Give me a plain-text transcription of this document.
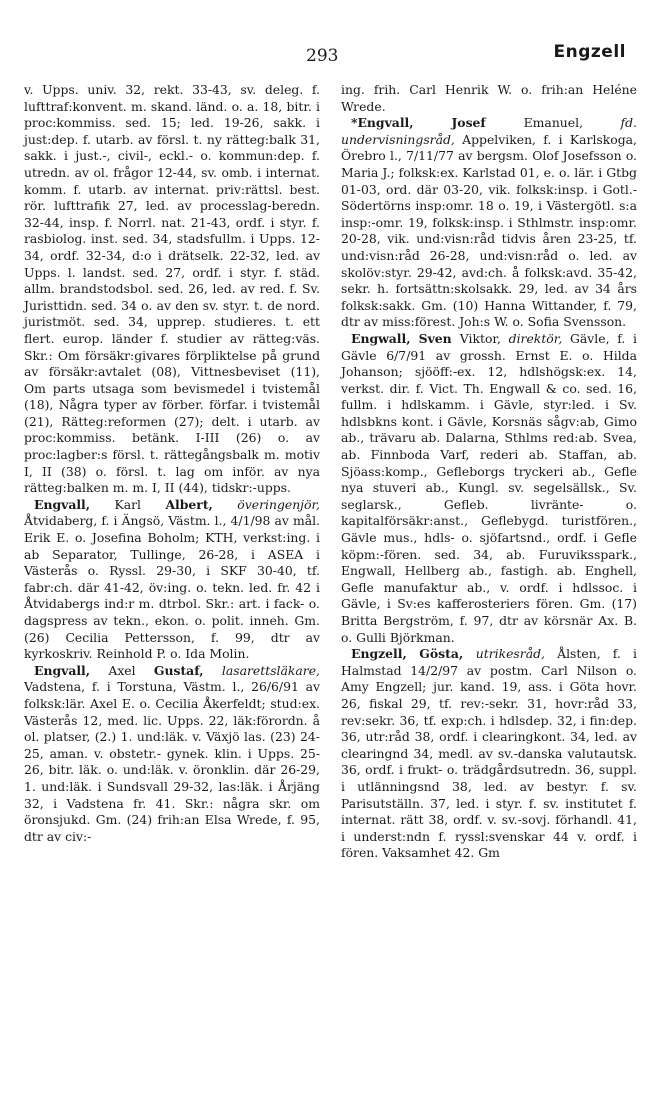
293	Engzell

v. Upps. univ. 32, rekt. 33-43, sv. deleg. f. lufttraf:konvent. m. skand. länd. o. a. 18, bitr. i proc:kommiss. sed. 15; led. 19-26, sakk. i just:dep. f. utarb. av försl. t. ny rätteg:balk 31, sakk. i just.-, civil-, eckl.- o. kommun:dep. f. utredn. av ol. frågor 12-44, sv. omb. i internat. komm. f. utarb. av internat. priv:rättsl. best. rör. lufttrafik 27, led. av processlag-beredn. 32-44, insp. f. Norrl. nat. 21-43, ordf. i styr. f. rasbiolog. inst. sed. 34, stadsfullm. i Upps. 12-34, ordf. 32-34, d:o i drätselk. 22-32, led. av Upps. l. landst. sed. 27, ordf. i styr. f. städ. allm. brandstodsbol. sed. 26, led. av red. f. Sv. Juristtidn. sed. 34 o. av den sv. styr. t. de nord. juristmöt. sed. 34, upprep. studieres. t. ett flert. europ. länder f. studier av rätteg:väs. Skr.: Om försäkr:givares förpliktelse på grund av försäkr:avtalet (08), Vittnesbeviset (11), Om parts utsaga som bevismedel i tvistemål (18), Några typer av förber. förfar. i tvistemål (21), Rätteg:reformen (27); delt. i utarb. av proc:kommiss. betänk. I-III (26) o. av proc:lagber:s försl. t. rättegångsbalk m. motiv I, II (38) o. försl. t. lag om inför. av nya rätteg:balken m. m. I, II (44), tidskr:-upps.

Engvall, Karl Albert, överingenjör, Åtvidaberg, f. i Ängsö, Västm. l., 4/1/98 av mål. Erik E. o. Josefina Boholm; KTH, verkst:ing. i ab Separator, Tullinge, 26-28, i ASEA i Västerås o. Ryssl. 29-30, i SKF 30-40, tf. fabr:ch. där 41-42, öv:ing. o. tekn. led. fr. 42 i Åtvidabergs ind:r m. dtrbol. Skr.: art. i fack- o. dagspress av tekn., ekon. o. polit. inneh. Gm. (26) Cecilia Pettersson, f. 99, dtr av kyrkoskriv. Reinhold P. o. Ida Molin.

Engvall, Axel Gustaf, lasarettsläkare, Vadstena, f. i Torstuna, Västm. l., 26/6/91 av folksk:lär. Axel E. o. Cecilia Åkerfeldt; stud:ex. Västerås 12, med. lic. Upps. 22, läk:förordn. å ol. platser, (2.) 1. und:läk. v. Växjö las. (23) 24-25, aman. v. obstetr.- gynek. klin. i Upps. 25-26, bitr. läk. o. und:läk. v. öronklin. där 26-29, 1. und:läk. i Sundsvall 29-32, las:läk. i Årjäng 32, i Vadstena fr. 41. Skr.: några skr. om öronsjukd. Gm. (24) frih:an Elsa Wrede, f. 95, dtr av civ:-

ing. frih. Carl Henrik W. o. frih:an Heléne Wrede.

*Engvall, Josef Emanuel, fd. undervisningsråd, Appelviken, f. i Karlskoga, Örebro l., 7/11/77 av bergsm. Olof Josefsson o. Maria J.; folksk:ex. Karlstad 01, e. o. lär. i Gtbg 01-03, ord. där 03-20, vik. folksk:insp. i Gotl.-Södertörns insp:omr. 18 o. 19, i Västergötl. s:a insp:-omr. 19, folksk:insp. i Sthlmstr. insp:omr. 20-28, vik. und:visn:råd tidvis åren 23-25, tf. und:visn:råd 26-28, und:visn:råd o. led. av skolöv:styr. 29-42, avd:ch. å folksk:avd. 35-42, sekr. h. fortsättn:skolsakk. 29, led. av 34 års folksk:sakk. Gm. (10) Hanna Wittander, f. 79, dtr av miss:förest. Joh:s W. o. Sofia Svensson.

Engwall, Sven Viktor, direktör, Gävle, f. i Gävle 6/7/91 av grossh. Ernst E. o. Hilda Johanson; sjööff:-ex. 12, hdlshögsk:ex. 14, verkst. dir. f. Vict. Th. Engwall & co. sed. 16, fullm. i hdlskamm. i Gävle, styr:led. i Sv. hdlsbkns kont. i Gävle, Korsnäs sågv:ab, Gimo ab., trävaru ab. Dalarna, Sthlms red:ab. Svea, ab. Finnboda Varf, rederi ab. Staffan, ab. Sjöass:komp., Gefleborgs tryckeri ab., Gefle nya stuveri ab., Kungl. sv. segelsällsk., Sv. seglarsk., Gefleb. livränte- o. kapitalförsäkr:anst., Geflebygd. turistfören., Gävle mus., hdls- o. sjöfartsnd., ordf. i Gefle köpm:-fören. sed. 34, ab. Furuviksspark., Engwall, Hellberg ab., fastigh. ab. Enghell, Gefle manufaktur ab., v. ordf. i hdlssoc. i Gävle, i Sv:es kafferosteriers fören. Gm. (17) Britta Bergström, f. 97, dtr av körsnär Ax. B. o. Gulli Björkman.

Engzell, Gösta, utrikesråd, Ålsten, f. i Halmstad 14/2/97 av postm. Carl Nilson o. Amy Engzell; jur. kand. 19, ass. i Göta hovr. 26, fiskal 29, tf. rev:-sekr. 31, hovr:råd 33, rev:sekr. 36, tf. exp:ch. i hdlsdep. 32, i fin:dep. 36, utr:råd 38, ordf. i clearingkont. 34, led. av clearingnd 34, medl. av sv.-danska valutautsk. 36, ordf. i frukt- o. trädgårdsutredn. 36, suppl. i utlänningsnd 38, led. av bestyr. f. sv. Parisutställn. 37, led. i styr. f. sv. institutet f. internat. rätt 38, ordf. v. sv.-sovj. förhandl. 41, i underst:ndn f. ryssl:svenskar 44 v. ordf. i fören. Vaksamhet 42. Gm
